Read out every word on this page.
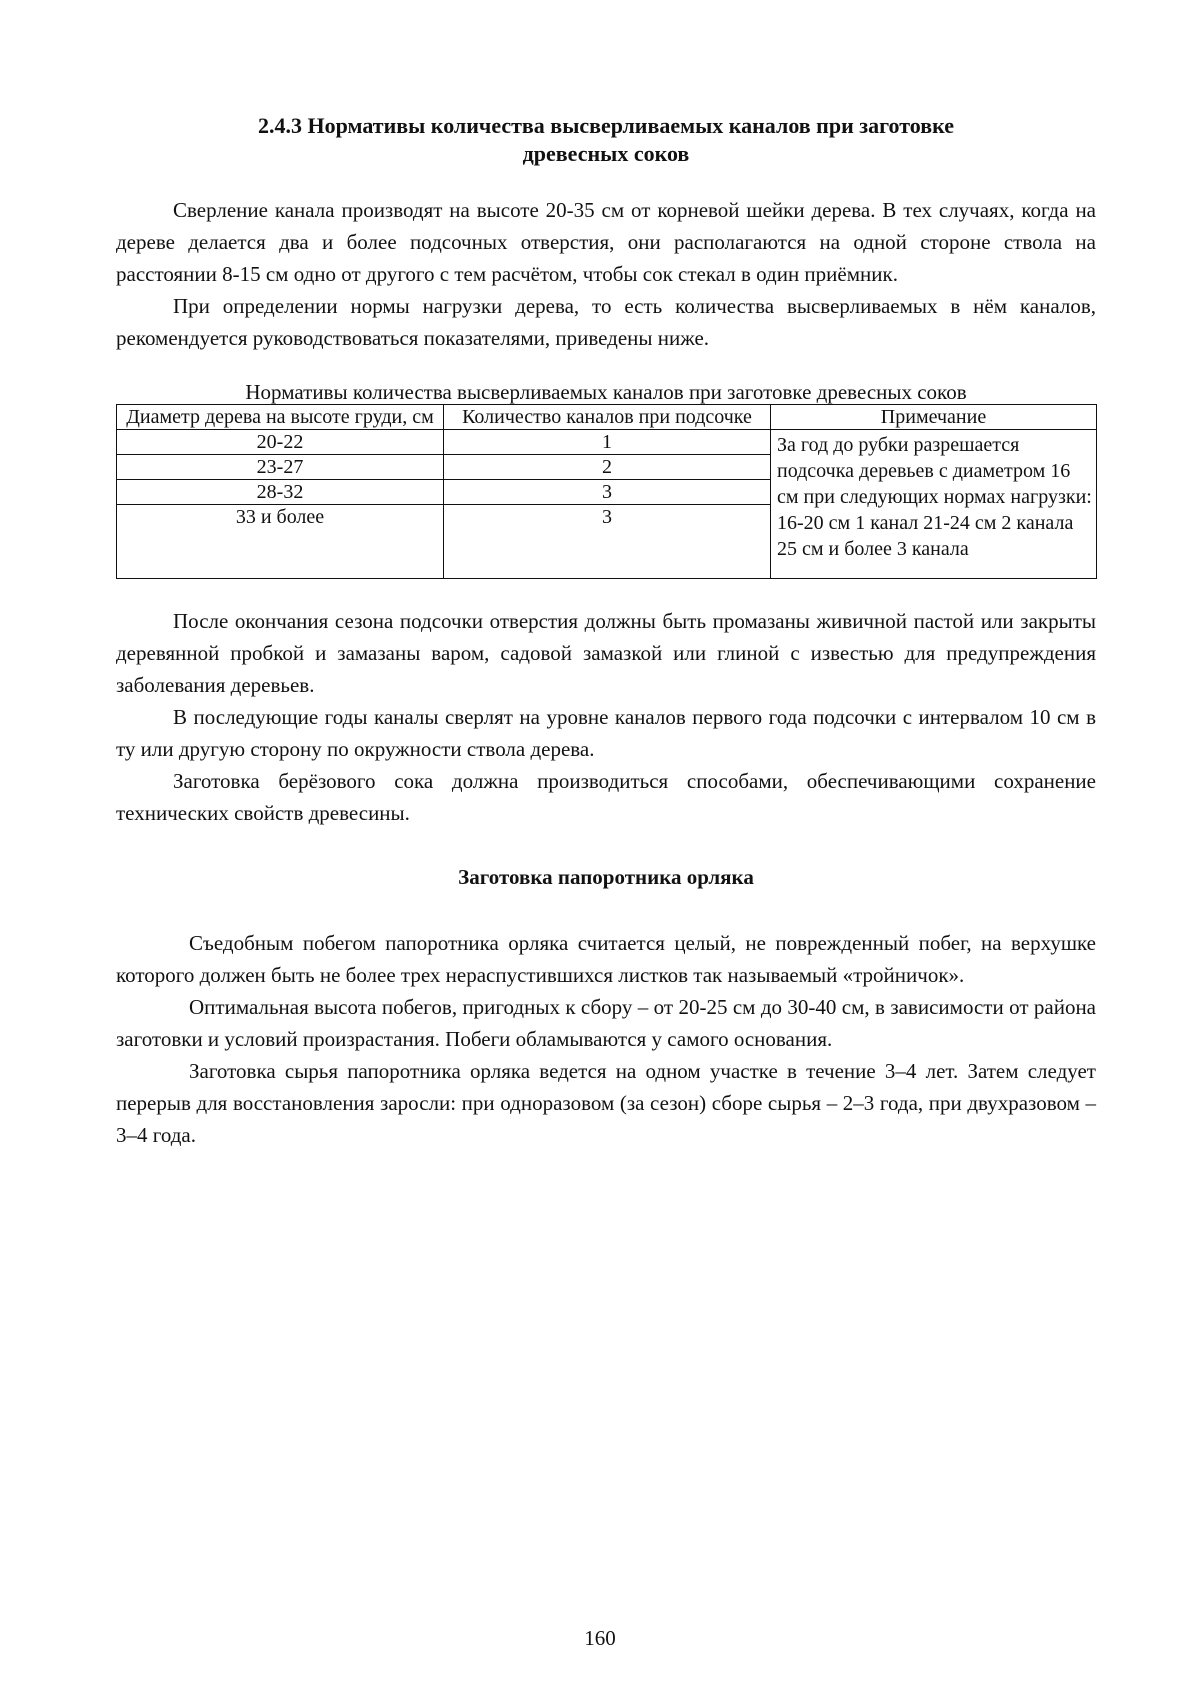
2.4.3 Нормативы количества высверливаемых каналов при заготовке
древесных соков

Сверление канала производят на высоте 20-35 см от корневой шейки дерева. В тех случаях, когда на дереве делается два и более подсочных отверстия, они располагаются на одной стороне ствола на расстоянии 8-15 см одно от другого с тем расчётом, чтобы сок стекал в один приёмник.

При определении нормы нагрузки дерева, то есть количества высверливаемых в нём каналов, рекомендуется руководствоваться показателями, приведены ниже.

Нормативы количества высверливаемых каналов при заготовке древесных соков
Диаметр дерева на высоте груди, см	Количество каналов при подсочке	Примечание
20-22	1	За год до рубки разрешается подсочка деревьев с диаметром 16 см при следующих нормах нагрузки: 16-20 см 1 канал 21-24 см 2 канала 25 см и более 3 канала
23-27	2	
28-32	3	
33 и более	3	

После окончания сезона подсочки отверстия должны быть промазаны живичной пастой или закрыты деревянной пробкой и замазаны варом, садовой замазкой или глиной с известью для предупреждения заболевания деревьев.

В последующие годы каналы сверлят на уровне каналов первого года подсочки с интервалом 10 см в ту или другую сторону по окружности ствола дерева.

Заготовка берёзового сока должна производиться способами, обеспечивающими сохранение технических свойств древесины.

Заготовка папоротника орляка

Съедобным побегом папоротника орляка считается целый, не поврежденный побег, на верхушке которого должен быть не более трех нераспустившихся листков так называемый «тройничок».

Оптимальная высота побегов, пригодных к сбору – от 20-25 см до 30-40 см, в зависимости от района заготовки и условий произрастания. Побеги обламываются у самого основания.

Заготовка сырья папоротника орляка ведется на одном участке в течение 3–4 лет. Затем следует перерыв для восстановления заросли: при одноразовом (за сезон) сборе сырья – 2–3 года, при двухразовом – 3–4 года.

160
